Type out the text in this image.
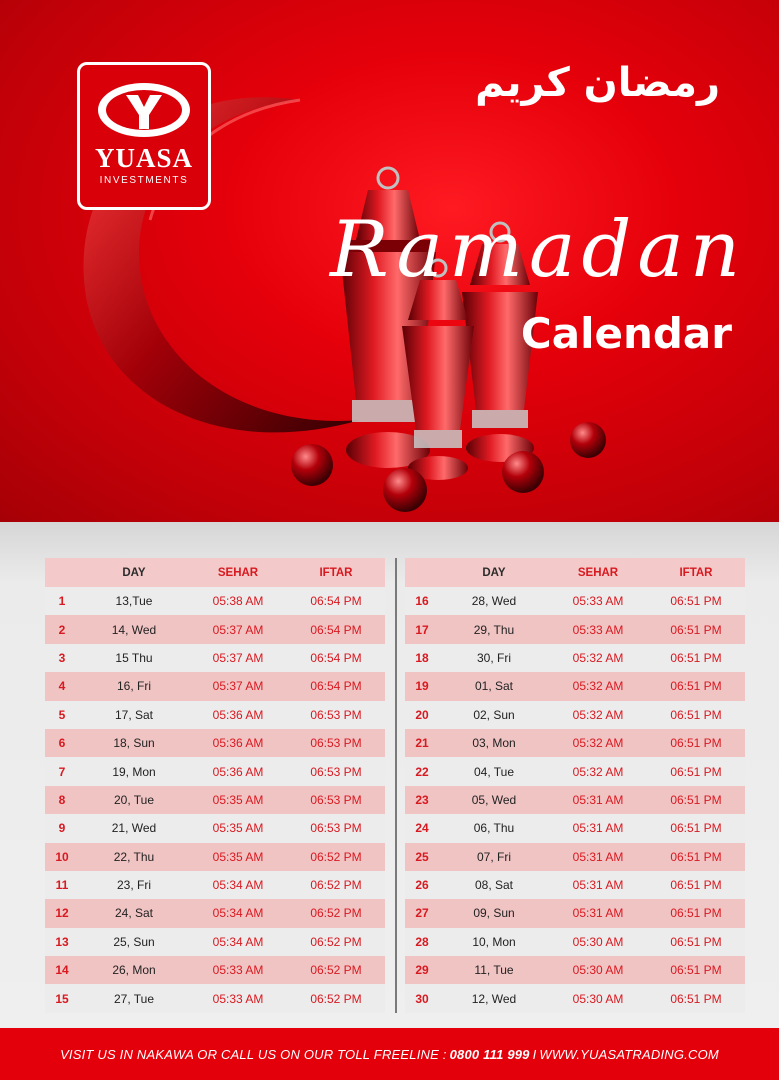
YUASA
INVESTMENTS
رمضان كريم
Ramadan
Calendar
	DAY	SEHAR	IFTAR
1	13,Tue	05:38 AM	06:54 PM
2	14, Wed	05:37 AM	06:54 PM
3	15 Thu	05:37 AM	06:54 PM
4	16, Fri	05:37 AM	06:54 PM
5	17, Sat	05:36 AM	06:53 PM
6	18, Sun	05:36 AM	06:53 PM
7	19, Mon	05:36 AM	06:53 PM
8	20, Tue	05:35 AM	06:53 PM
9	21, Wed	05:35 AM	06:53 PM
10	22, Thu	05:35 AM	06:52 PM
11	23, Fri	05:34 AM	06:52 PM
12	24, Sat	05:34 AM	06:52 PM
13	25, Sun	05:34 AM	06:52 PM
14	26, Mon	05:33 AM	06:52 PM
15	27, Tue	05:33 AM	06:52 PM
	DAY	SEHAR	IFTAR
16	28, Wed	05:33 AM	06:51 PM
17	29, Thu	05:33 AM	06:51 PM
18	30, Fri	05:32 AM	06:51 PM
19	01, Sat	05:32 AM	06:51 PM
20	02, Sun	05:32 AM	06:51 PM
21	03, Mon	05:32 AM	06:51 PM
22	04, Tue	05:32 AM	06:51 PM
23	05, Wed	05:31 AM	06:51 PM
24	06, Thu	05:31 AM	06:51 PM
25	07, Fri	05:31 AM	06:51 PM
26	08, Sat	05:31 AM	06:51 PM
27	09, Sun	05:31 AM	06:51 PM
28	10, Mon	05:30 AM	06:51 PM
29	11, Tue	05:30 AM	06:51 PM
30	12, Wed	05:30 AM	06:51 PM
VISIT US IN NAKAWA OR CALL US ON OUR TOLL FREELINE : 0800 111 999 I WWW.YUASATRADING.COM
